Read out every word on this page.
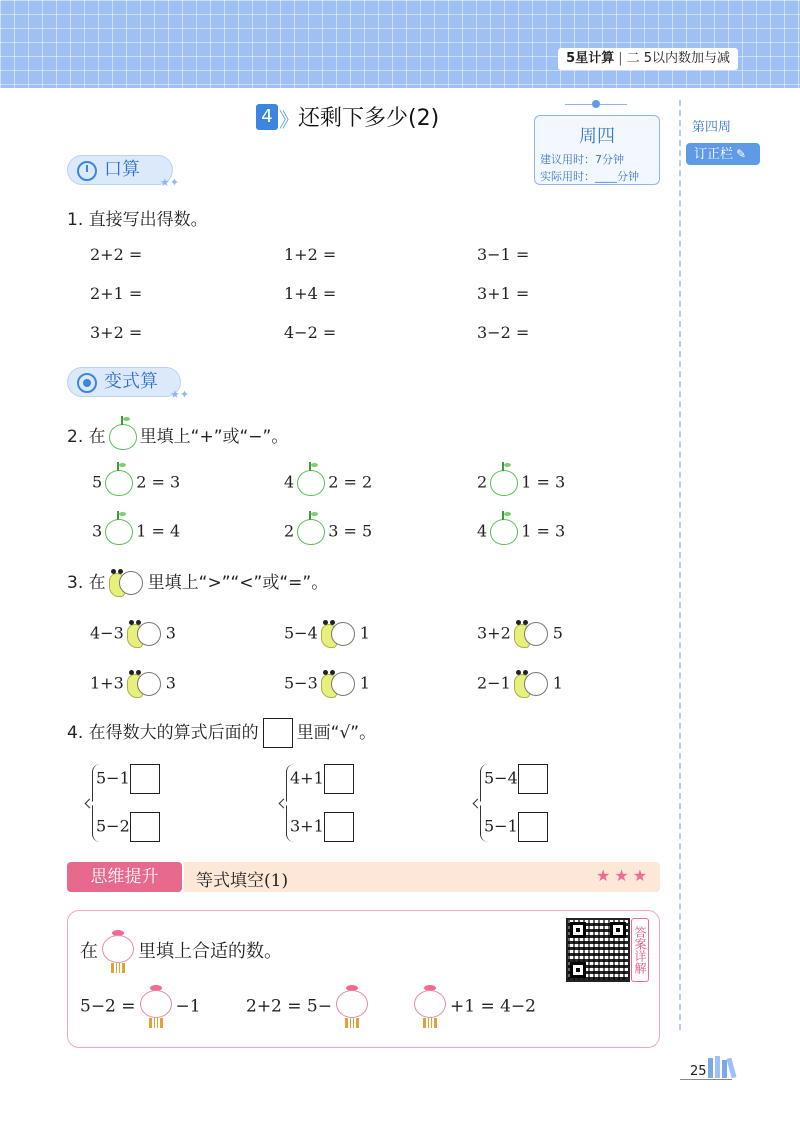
5星计算 | 二 5以内数加与减
第四周
订正栏 ✎
4 》 还剩下多少(2)
周四
建议用时：7分钟
实际用时：____分钟
口算
★✦
1. 直接写出得数。
2+2 =	1+2 =	3−1 =
2+1 =	1+4 =	3+1 =
3+2 =	4−2 =	3−2 =
变式算
★✦
2. 在 里填上“+”或“−”。
5 2 = 3	4 2 = 2	2 1 = 3
3 1 = 4	2 3 = 5	4 1 = 3
3. 在 里填上“>”“<”或“=”。
4−3	3	5−4	1	3+2	5
1+3	3	5−3	1	2−1	1
4. 在得数大的算式后面的 里画“√”。
5−1
5−2
4+1
3+1
5−4
5−1
思维提升	等式填空(1)	★★★
在 里填上合适的数。
5−2 = −1	2+2 = 5−	+1 = 4−2
答案详解
25
